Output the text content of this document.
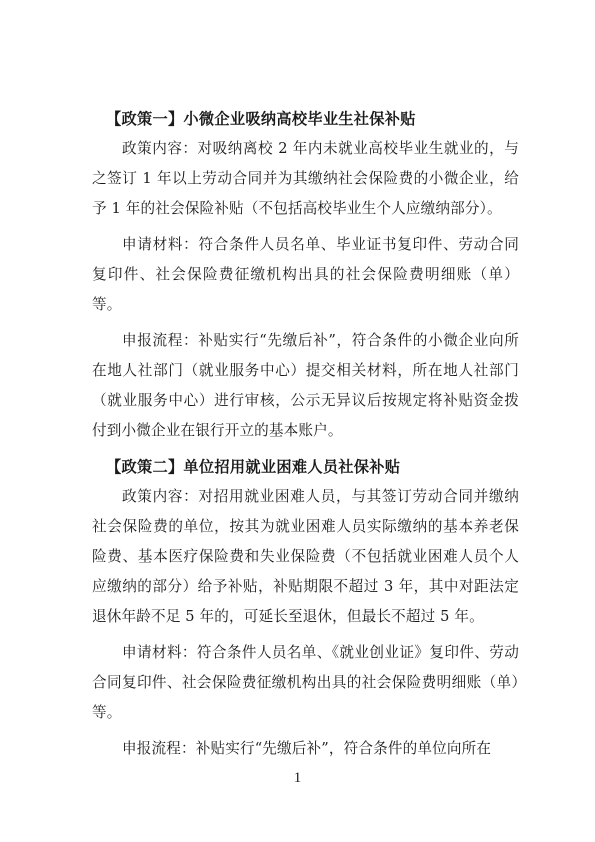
【政策一】小微企业吸纳高校毕业生社保补贴

政策内容：对吸纳离校 2 年内未就业高校毕业生就业的，与之签订 1 年以上劳动合同并为其缴纳社会保险费的小微企业，给予 1 年的社会保险补贴（不包括高校毕业生个人应缴纳部分）。

申请材料：符合条件人员名单、毕业证书复印件、劳动合同复印件、社会保险费征缴机构出具的社会保险费明细账（单）等。

申报流程：补贴实行“先缴后补”，符合条件的小微企业向所在地人社部门（就业服务中心）提交相关材料，所在地人社部门（就业服务中心）进行审核，公示无异议后按规定将补贴资金拨付到小微企业在银行开立的基本账户。

【政策二】单位招用就业困难人员社保补贴

政策内容：对招用就业困难人员，与其签订劳动合同并缴纳社会保险费的单位，按其为就业困难人员实际缴纳的基本养老保险费、基本医疗保险费和失业保险费（不包括就业困难人员个人应缴纳的部分）给予补贴，补贴期限不超过 3 年，其中对距法定退休年龄不足 5 年的，可延长至退休，但最长不超过 5 年。

申请材料：符合条件人员名单、《就业创业证》复印件、劳动合同复印件、社会保险费征缴机构出具的社会保险费明细账（单）等。

申报流程：补贴实行“先缴后补”，符合条件的单位向所在

1
